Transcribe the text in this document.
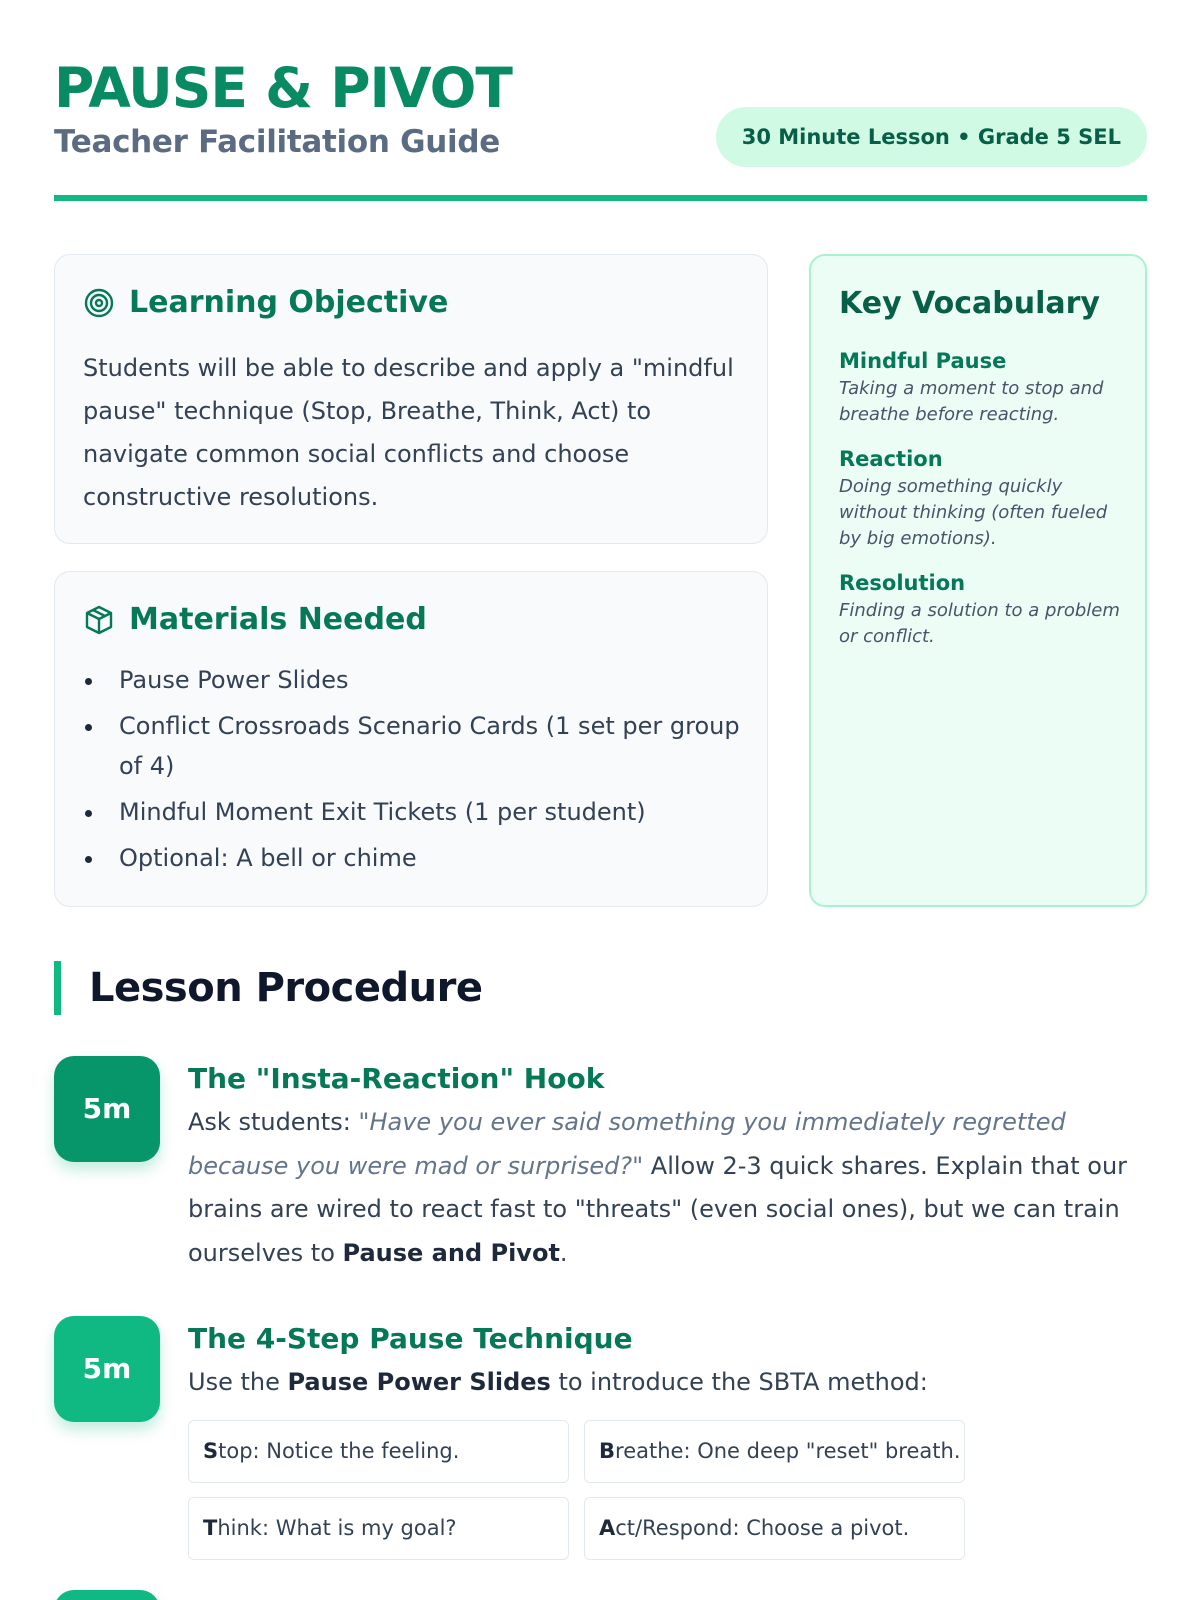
PAUSE & PIVOT
Teacher Facilitation Guide	30 Minute Lesson • Grade 5 SEL
Learning Objective
Students will be able to describe and apply a "mindful pause" technique (Stop, Breathe, Think, Act) to navigate common social conflicts and choose constructive resolutions.
Materials Needed
Pause Power Slides
Conflict Crossroads Scenario Cards (1 set per group of 4)
Mindful Moment Exit Tickets (1 per student)
Optional: A bell or chime
Key Vocabulary
Mindful Pause
Taking a moment to stop and breathe before reacting.
Reaction
Doing something quickly without thinking (often fueled by big emotions).
Resolution
Finding a solution to a problem or conflict.
Lesson Procedure
5m
The "Insta-Reaction" Hook
Ask students: "Have you ever said something you immediately regretted because you were mad or surprised?" Allow 2-3 quick shares. Explain that our brains are wired to react fast to "threats" (even social ones), but we can train ourselves to Pause and Pivot.
5m
The 4-Step Pause Technique
Use the Pause Power Slides to introduce the SBTA method:
Stop: Notice the feeling.	Breathe: One deep "reset" breath.
Think: What is my goal?	Act/Respond: Choose a pivot.
